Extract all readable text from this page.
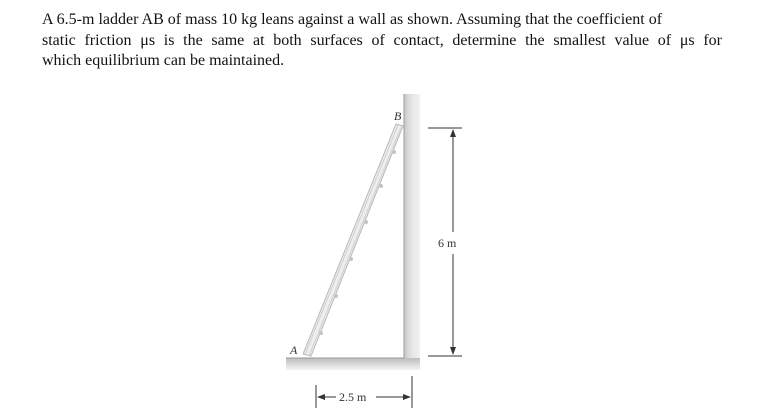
A 6.5-m ladder AB of mass 10 kg leans against a wall as shown. Assuming that the coefficient of
static friction μs is the same at both surfaces of contact, determine the smallest value of μs for
which equilibrium can be maintained.
B
A
6 m
2.5 m
